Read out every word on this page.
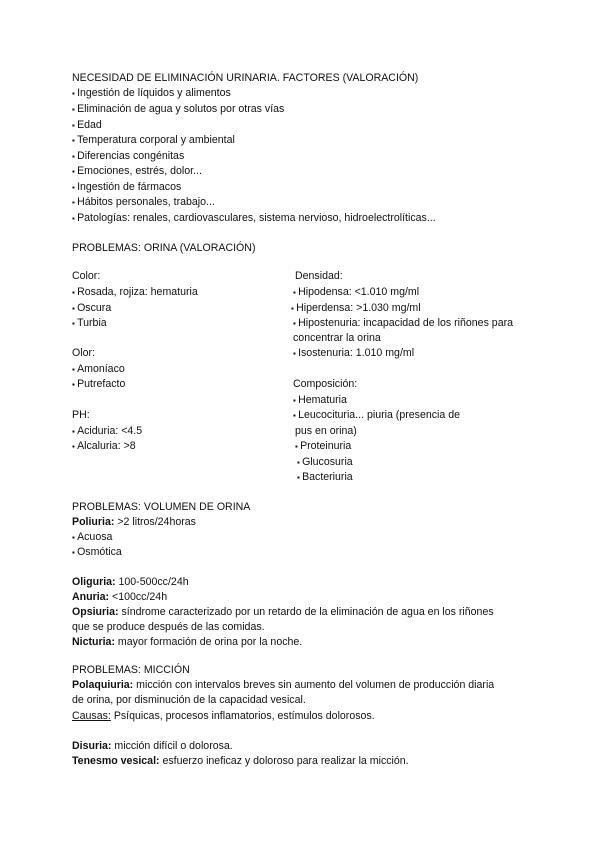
NECESIDAD DE ELIMINACIÓN URINARIA. FACTORES (VALORACIÓN)
▪ Ingestión de líquidos y alimentos
▪ Eliminación de agua y solutos por otras vías
▪ Edad
▪ Temperatura corporal y ambiental
▪ Diferencias congénitas
▪ Emociones, estrés, dolor...
▪ Ingestión de fármacos
▪ Hábitos personales, trabajo...
▪ Patologías: renales, cardiovasculares, sistema nervioso, hidroelectrolíticas...
PROBLEMAS: ORINA (VALORACIÓN)
Color:
▪ Rosada, rojiza: hematuria
▪ Oscura
▪ Turbia
Olor:
▪ Amoníaco
▪ Putrefacto
PH:
▪ Aciduria: <4.5
▪ Alcaluria: >8
Densidad:
▪ Hipodensa: <1.010 mg/ml
▪ Hiperdensa: >1.030 mg/ml
▪ Hipostenuria: incapacidad de los riñones para
concentrar la orina
▪ Isostenuria: 1.010 mg/ml
Composición:
▪ Hematuria
▪ Leucocituria... piuria (presencia de
pus en orina)
▪ Proteinuria
▪ Glucosuria
▪ Bacteriuria
PROBLEMAS: VOLUMEN DE ORINA
Poliuria: >2 litros/24horas
▪ Acuosa
▪ Osmótica
Oliguria: 100-500cc/24h
Anuria: <100cc/24h
Opsiuria: síndrome caracterizado por un retardo de la eliminación de agua en los riñones
que se produce después de las comidas.
Nicturia: mayor formación de orina por la noche.
PROBLEMAS: MICCIÓN
Polaquiuria: micción con intervalos breves sin aumento del volumen de producción diaria
de orina, por disminución de la capacidad vesical.
Causas: Psíquicas, procesos inflamatorios, estímulos dolorosos.
Disuria: micción difícil o dolorosa.
Tenesmo vesical: esfuerzo ineficaz y doloroso para realizar la micción.
